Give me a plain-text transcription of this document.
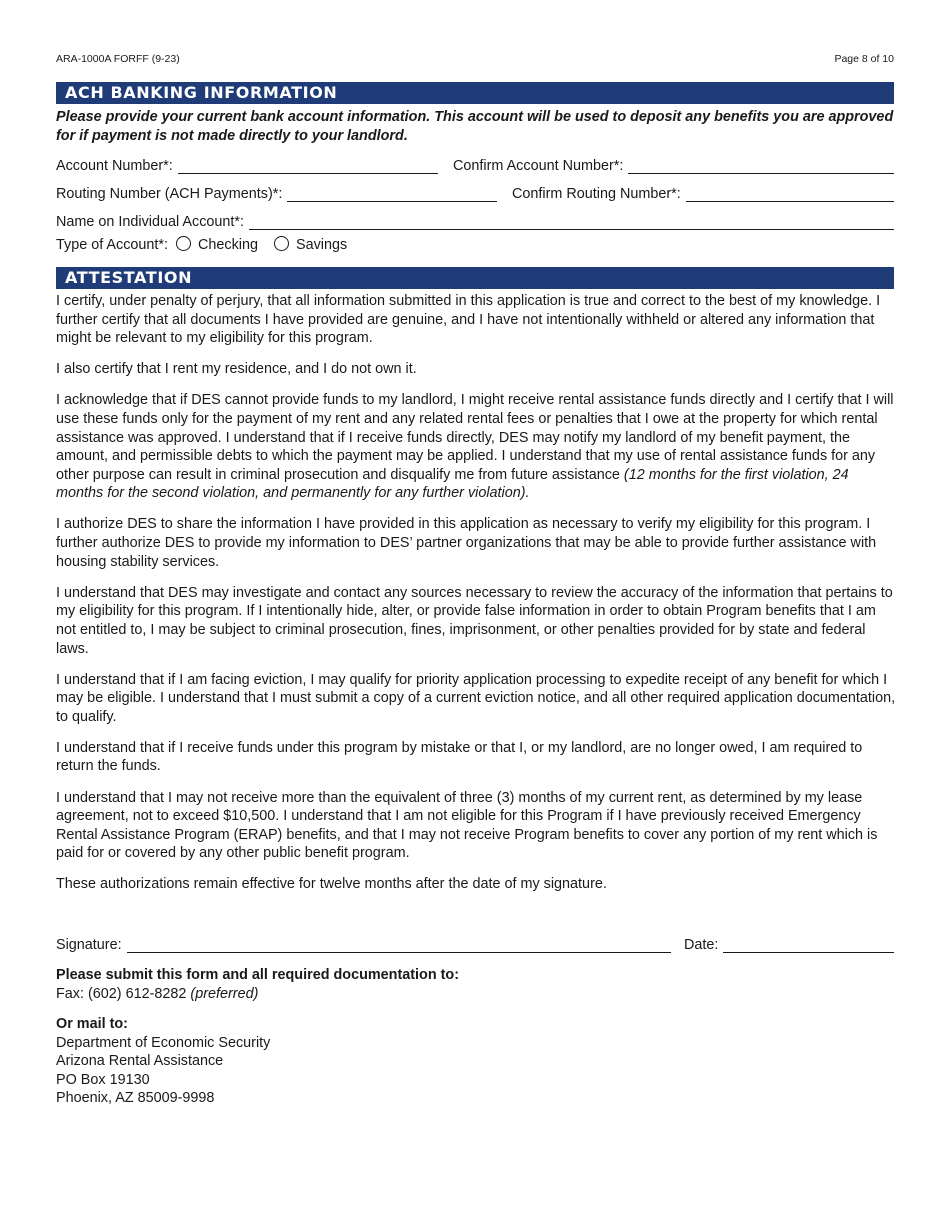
ARA-1000A FORFF (9-23)	Page 8 of 10
ACH BANKING INFORMATION
Please provide your current bank account information. This account will be used to deposit any benefits you are approved for if payment is not made directly to your landlord.
Account Number*:	Confirm Account Number*:
Routing Number (ACH Payments)*:	Confirm Routing Number*:
Name on Individual Account*:
Type of Account*: Checking	Savings
ATTESTATION

I certify, under penalty of perjury, that all information submitted in this application is true and correct to the best of my knowledge. I further certify that all documents I have provided are genuine, and I have not intentionally withheld or altered any information that might be relevant to my eligibility for this program.

I also certify that I rent my residence, and I do not own it.

I acknowledge that if DES cannot provide funds to my landlord, I might receive rental assistance funds directly and I certify that I will use these funds only for the payment of my rent and any related rental fees or penalties that I owe at the property for which rental assistance was approved. I understand that if I receive funds directly, DES may notify my landlord of my benefit payment, the amount, and permissible debts to which the payment may be applied. I understand that my use of rental assistance funds for any other purpose can result in criminal prosecution and disqualify me from future assistance (12 months for the first violation, 24 months for the second violation, and permanently for any further violation).

I authorize DES to share the information I have provided in this application as necessary to verify my eligibility for this program. I further authorize DES to provide my information to DES’ partner organizations that may be able to provide further assistance with housing stability services.

I understand that DES may investigate and contact any sources necessary to review the accuracy of the information that pertains to my eligibility for this program. If I intentionally hide, alter, or provide false information in order to obtain Program benefits that I am not entitled to, I may be subject to criminal prosecution, fines, imprisonment, or other penalties provided for by state and federal laws.

I understand that if I am facing eviction, I may qualify for priority application processing to expedite receipt of any benefit for which I may be eligible. I understand that I must submit a copy of a current eviction notice, and all other required application documentation, to qualify.

I understand that if I receive funds under this program by mistake or that I, or my landlord, are no longer owed, I am required to return the funds.

I understand that I may not receive more than the equivalent of three (3) months of my current rent, as determined by my lease agreement, not to exceed $10,500. I understand that I am not eligible for this Program if I have previously received Emergency Rental Assistance Program (ERAP) benefits, and that I may not receive Program benefits to cover any portion of my rent which is paid for or covered by any other public benefit program.

These authorizations remain effective for twelve months after the date of my signature.

Signature:	Date:
Please submit this form and all required documentation to:
Fax: (602) 612-8282 (preferred)
Or mail to:
Department of Economic Security
Arizona Rental Assistance
PO Box 19130
Phoenix, AZ 85009-9998
